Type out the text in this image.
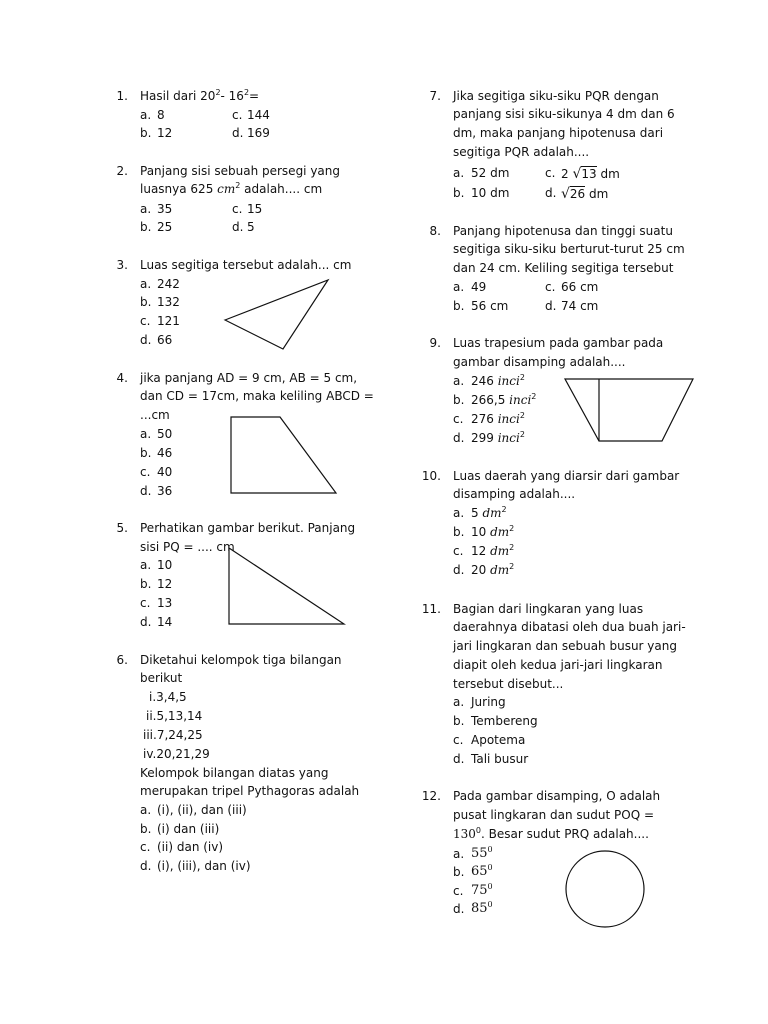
1. Hasil dari $20^2-$ $16^2=$
a. 8	c. 144
b. 12	d. 169
2. Panjang sisi sebuah persegi yang
luasnya 625 $cm^2$ adalah.... cm
a. 35	c. 15
b. 25	d. 5
3. Luas segitiga tersebut adalah... cm
a. 242
b. 132
c. 121
d. 66
4. jika panjang AD = 9 cm, AB = 5 cm,
dan CD = 17cm, maka keliling ABCD =
...cm
a. 50
b. 46
c. 40
d. 36
5. Perhatikan gambar berikut. Panjang
sisi PQ = .... cm
a. 10
b. 12
c. 13
d. 14
6. Diketahui kelompok tiga bilangan
berikut
i.3,4,5
ii.5,13,14
iii.7,24,25
iv.20,21,29
Kelompok bilangan diatas yang
merupakan tripel Pythagoras adalah
a. (i), (ii), dan (iii)
b. (i) dan (iii)
c. (ii) dan (iv)
d. (i), (iii), dan (iv)
7. Jika segitiga siku-siku PQR dengan
panjang sisi siku-sikunya 4 dm dan 6
dm, maka panjang hipotenusa dari
segitiga PQR adalah....
a. 52 dm	c. 2 √13 dm
b. 10 dm	d. √26 dm
8. Panjang hipotenusa dan tinggi suatu
segitiga siku-siku berturut-turut 25 cm
dan 24 cm. Keliling segitiga tersebut
a. 49	c. 66 cm
b. 56 cm	d. 74 cm
9. Luas trapesium pada gambar pada
gambar disamping adalah....
a. 246 inci$^2$
b. 266,5 inci$^2$
c. 276 inci$^2$
d. 299 inci$^2$
10. Luas daerah yang diarsir dari gambar
disamping adalah....
a. 5 $dm^2$
b. 10 $dm^2$
c. 12 $dm^2$
d. 20 $dm^2$
11. Bagian dari lingkaran yang luas
daerahnya dibatasi oleh dua buah jari-
jari lingkaran dan sebuah busur yang
diapit oleh kedua jari-jari lingkaran
tersebut disebut...
a. Juring
b. Tembereng
c. Apotema
d. Tali busur
12. Pada gambar disamping, O adalah
pusat lingkaran dan sudut POQ =
$130^0$. Besar sudut PRQ adalah....
a. $55^0$
b. $65^0$
c. $75^0$
d. $85^0$
